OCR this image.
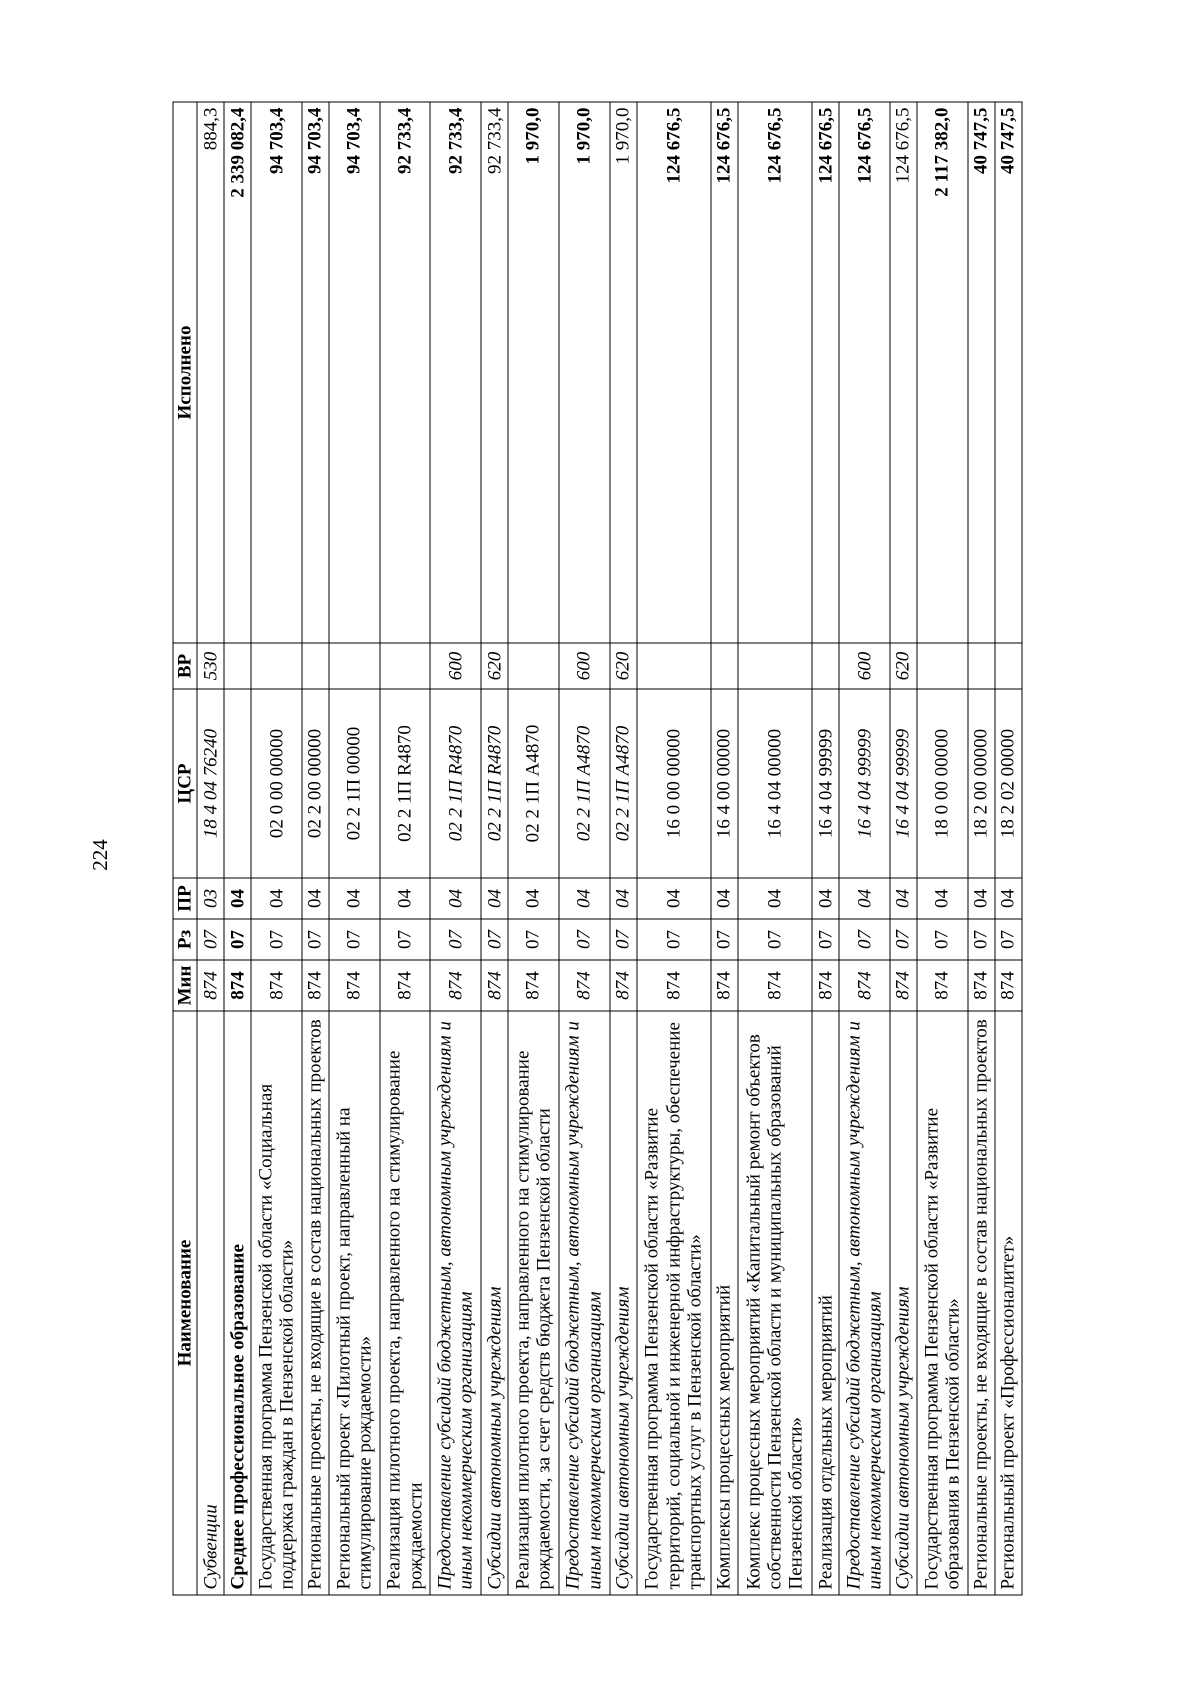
224
Наименование	Мин	Рз	ПР	ЦСР	ВР	Исполнено
Субвенции	874	07	03	18 4 04 76240	530	884,3
Среднее профессиональное образование	874	07	04			2 339 082,4
Государственная программа Пензенской области «Социальная поддержка граждан в Пензенской области»	874	07	04	02 0 00 00000		94 703,4
Региональные проекты, не входящие в состав национальных проектов	874	07	04	02 2 00 00000		94 703,4
Региональный проект «Пилотный проект, направленный на стимулирование рождаемости»	874	07	04	02 2 1П 00000		94 703,4
Реализация пилотного проекта, направленного на стимулирование рождаемости	874	07	04	02 2 1П R4870		92 733,4
Предоставление субсидий бюджетным, автономным учреждениям и иным некоммерческим организациям	874	07	04	02 2 1П R4870	600	92 733,4
Субсидии автономным учреждениям	874	07	04	02 2 1П R4870	620	92 733,4
Реализация пилотного проекта, направленного на стимулирование рождаемости, за счет средств бюджета Пензенской области	874	07	04	02 2 1П A4870		1 970,0
Предоставление субсидий бюджетным, автономным учреждениям и иным некоммерческим организациям	874	07	04	02 2 1П A4870	600	1 970,0
Субсидии автономным учреждениям	874	07	04	02 2 1П A4870	620	1 970,0
Государственная программа Пензенской области «Развитие территорий, социальной и инженерной инфраструктуры, обеспечение транспортных услуг в Пензенской области»	874	07	04	16 0 00 00000		124 676,5
Комплексы процессных мероприятий	874	07	04	16 4 00 00000		124 676,5
Комплекс процессных мероприятий «Капитальный ремонт объектов собственности Пензенской области и муниципальных образований Пензенской области»	874	07	04	16 4 04 00000		124 676,5
Реализация отдельных мероприятий	874	07	04	16 4 04 99999		124 676,5
Предоставление субсидий бюджетным, автономным учреждениям и иным некоммерческим организациям	874	07	04	16 4 04 99999	600	124 676,5
Субсидии автономным учреждениям	874	07	04	16 4 04 99999	620	124 676,5
Государственная программа Пензенской области «Развитие образования в Пензенской области»	874	07	04	18 0 00 00000		2 117 382,0
Региональные проекты, не входящие в состав национальных проектов	874	07	04	18 2 00 00000		40 747,5
Региональный проект «Профессионалитет»	874	07	04	18 2 02 00000		40 747,5
